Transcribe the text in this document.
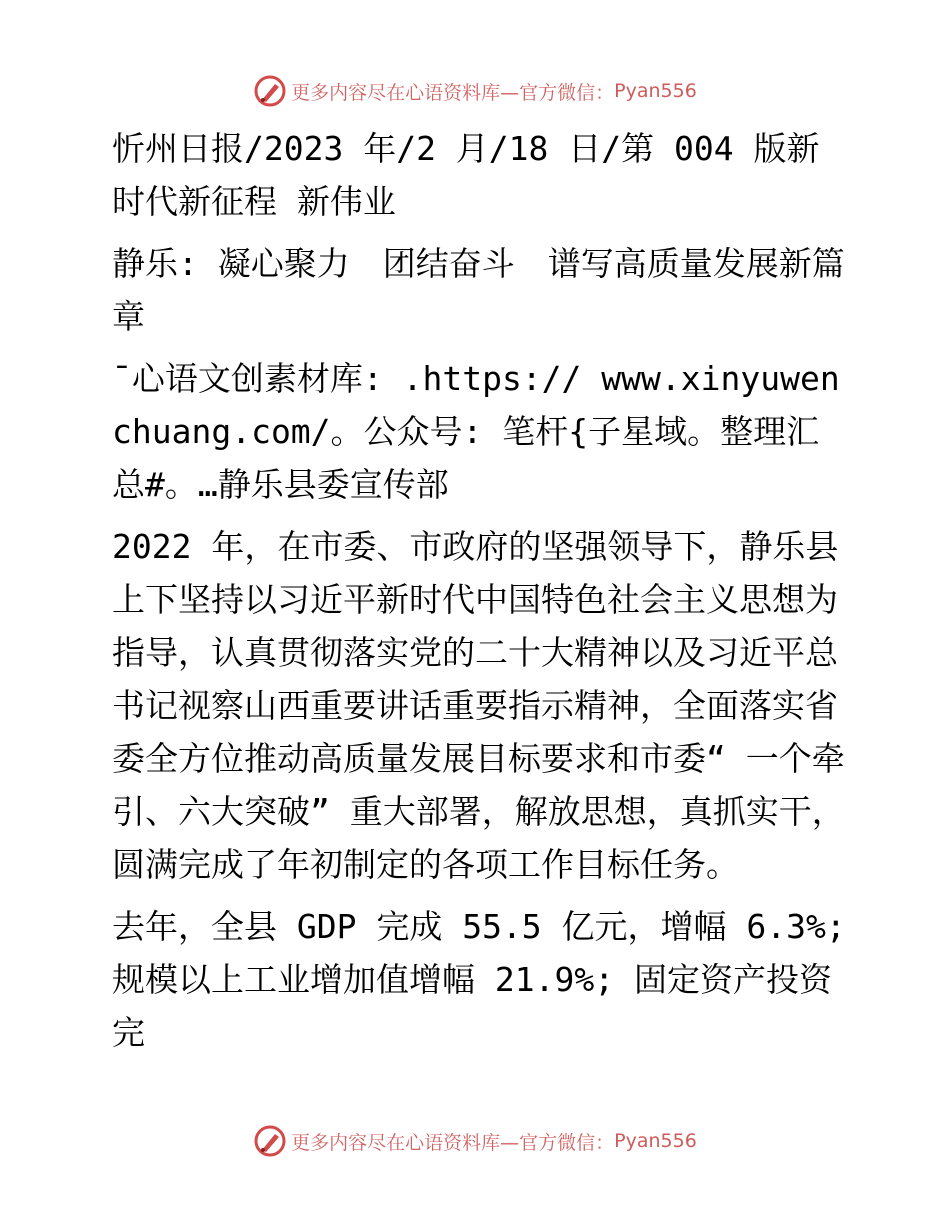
更多内容尽在心语资料库—官方微信： Pyan556

忻州日报/2023 年/2 月/18 日/第 004 版新时代新征程 新伟业

静乐: 凝心聚力　团结奋斗　谱写高质量发展新篇章

¯心语文创素材库: .https:// www.xinyuwenchuang.com/。公众号: 笔杆{子星域。整理汇总#。…静乐县委宣传部

2022 年，在市委、市政府的坚强领导下，静乐县上下坚持以习近平新时代中国特色社会主义思想为指导，认真贯彻落实党的二十大精神以及习近平总书记视察山西重要讲话重要指示精神，全面落实省委全方位推动高质量发展目标要求和市委“ 一个牵引、六大突破” 重大部署，解放思想，真抓实干，圆满完成了年初制定的各项工作目标任务。

去年，全县 GDP 完成 55.5 亿元，增幅 6.3%; 规模以上工业增加值增幅 21.9%; 固定资产投资完

更多内容尽在心语资料库—官方微信： Pyan556
